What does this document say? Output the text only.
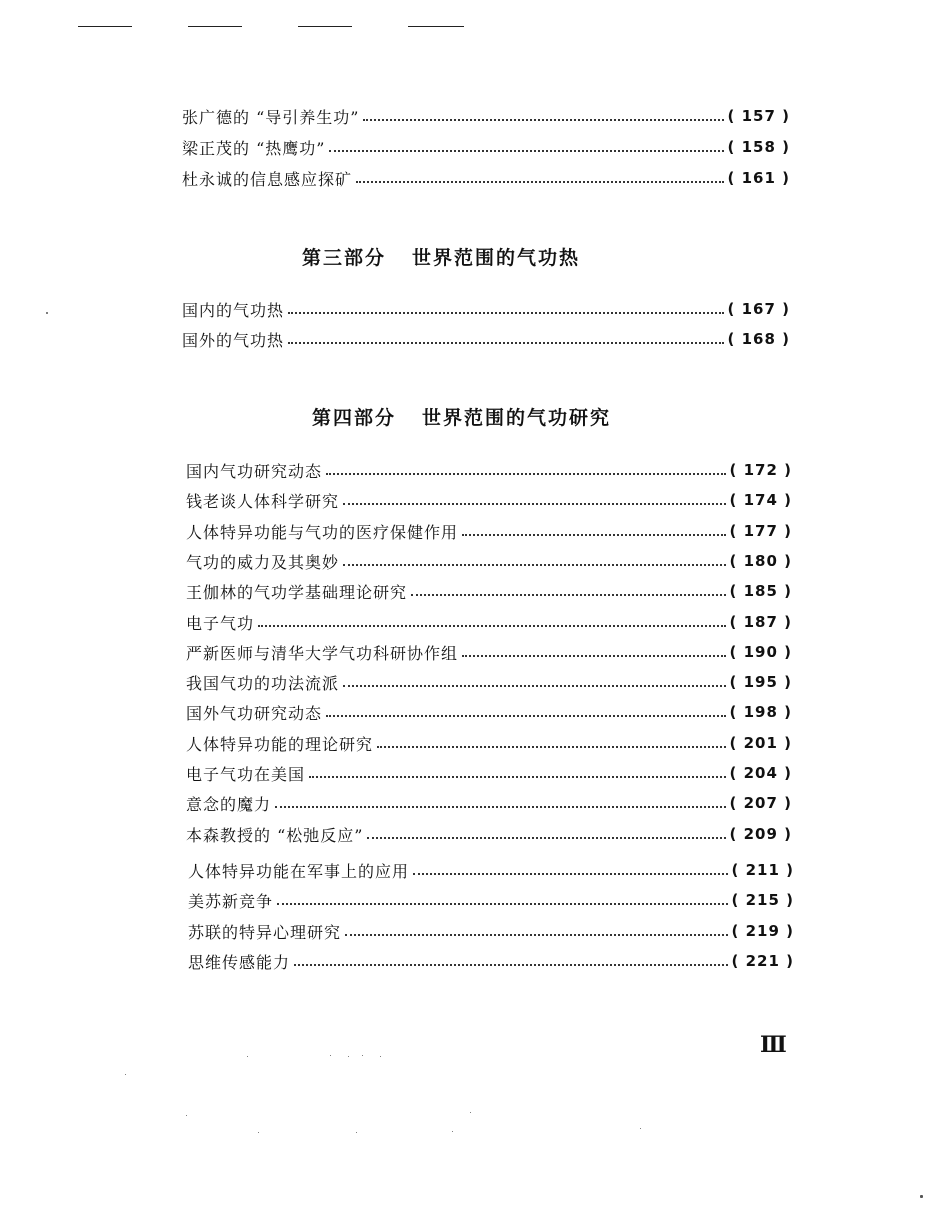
张广德的 “导引养生功”	( 157 )
梁正茂的 “热鹰功”	( 158 )
杜永诚的信息感应探矿	( 161 )
第三部分 世界范围的气功热
国内的气功热	( 167 )
国外的气功热	( 168 )
第四部分 世界范围的气功研究
国内气功研究动态	( 172 )
钱老谈人体科学研究	( 174 )
人体特异功能与气功的医疗保健作用	( 177 )
气功的威力及其奥妙	( 180 )
王伽林的气功学基础理论研究	( 185 )
电子气功	( 187 )
严新医师与清华大学气功科研协作组	( 190 )
我国气功的功法流派	( 195 )
国外气功研究动态	( 198 )
人体特异功能的理论研究	( 201 )
电子气功在美国	( 204 )
意念的魔力	( 207 )
本森教授的 “松弛反应”	( 209 )
人体特异功能在军事上的应用	( 211 )
美苏新竞争	( 215 )
苏联的特异心理研究	( 219 )
思维传感能力	( 221 )
Ⅲ
